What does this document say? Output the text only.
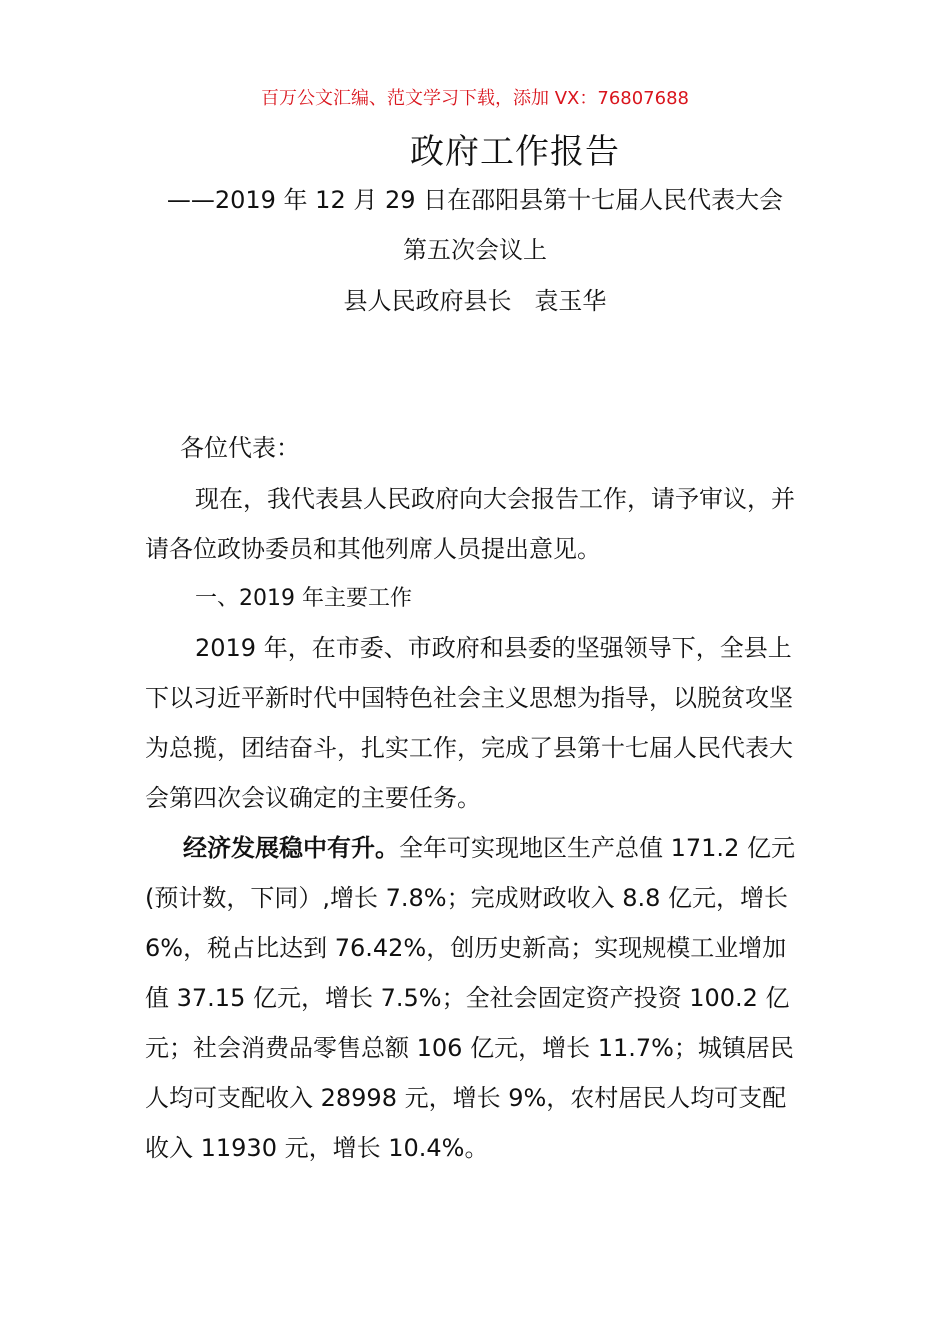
百万公文汇编、范文学习下载，添加 VX：76807688
政府工作报告
——2019 年 12 月 29 日在邵阳县第十七届人民代表大会
第五次会议上
县人民政府县长   袁玉华
各位代表：
现在，我代表县人民政府向大会报告工作，请予审议，并请各位政协委员和其他列席人员提出意见。
一、2019 年主要工作
2019 年，在市委、市政府和县委的坚强领导下，全县上下以习近平新时代中国特色社会主义思想为指导，以脱贫攻坚为总揽，团结奋斗，扎实工作，完成了县第十七届人民代表大会第四次会议确定的主要任务。
经济发展稳中有升。全年可实现地区生产总值 171.2 亿元(预计数，下同）,增长 7.8%；完成财政收入 8.8 亿元，增长 6%，税占比达到 76.42%，创历史新高；实现规模工业增加值 37.15 亿元，增长 7.5%；全社会固定资产投资 100.2 亿元；社会消费品零售总额 106 亿元，增长 11.7%；城镇居民人均可支配收入 28998 元，增长 9%，农村居民人均可支配收入 11930 元，增长 10.4%。
